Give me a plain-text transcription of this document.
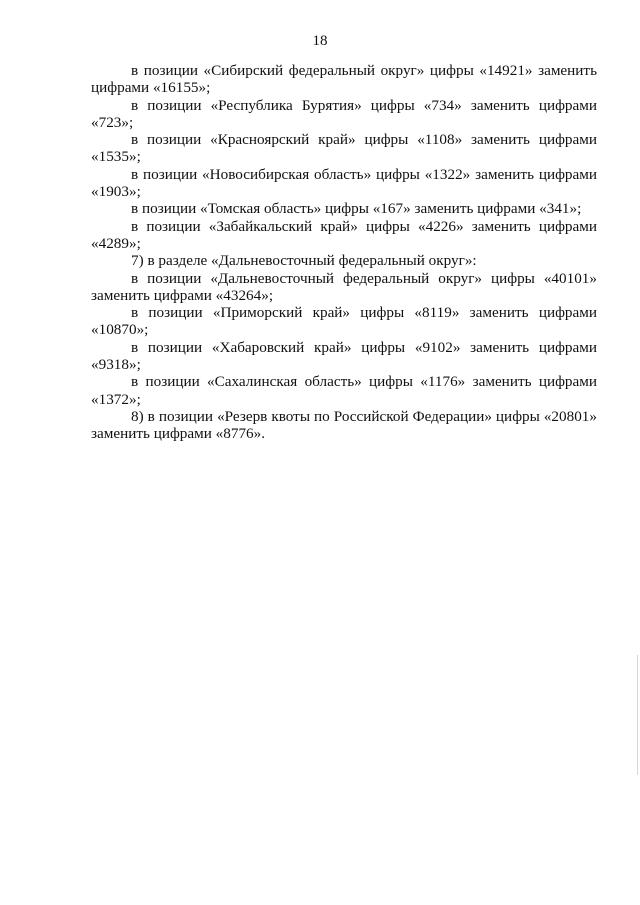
18

в позиции «Сибирский федеральный округ» цифры «14921» заменить цифрами «16155»;

в позиции «Республика Бурятия» цифры «734» заменить цифрами «723»;

в позиции «Красноярский край» цифры «1108» заменить цифрами «1535»;

в позиции «Новосибирская область» цифры «1322» заменить цифрами «1903»;

в позиции «Томская область» цифры «167» заменить цифрами «341»;

в позиции «Забайкальский край» цифры «4226» заменить цифрами «4289»;

7) в разделе «Дальневосточный федеральный округ»:

в позиции «Дальневосточный федеральный округ» цифры «40101» заменить цифрами «43264»;

в позиции «Приморский край» цифры «8119» заменить цифрами «10870»;

в позиции «Хабаровский край» цифры «9102» заменить цифрами «9318»;

в позиции «Сахалинская область» цифры «1176» заменить цифрами «1372»;

8) в позиции «Резерв квоты по Российской Федерации» цифры «20801» заменить цифрами «8776».
